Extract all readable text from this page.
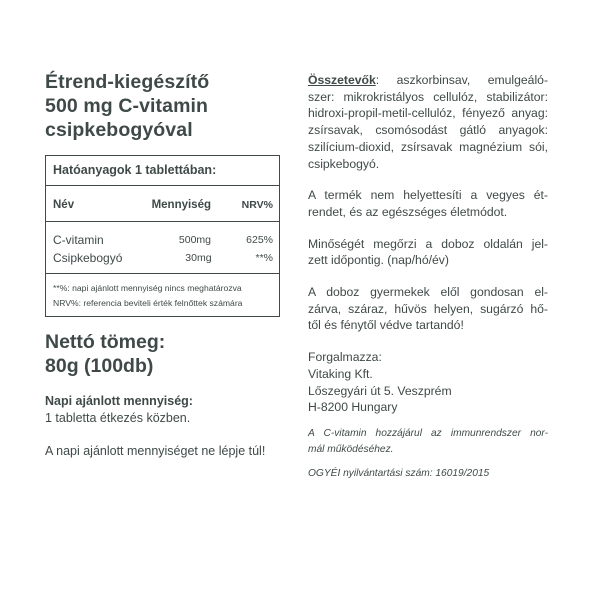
Étrend-kiegészítő
500 mg C-vitamin
csipkebogyóval
Hatóanyagok 1 tablettában:
Név	Mennyiség	NRV%
C-vitamin	500mg	625%
Csipkebogyó	30mg	**%
**%: napi ajánlott mennyiség nincs meghatározva
NRV%: referencia beviteli érték felnőttek számára
Nettó tömeg:
80g (100db)
Napi ajánlott mennyiség:
1 tabletta étkezés közben.
A napi ajánlott mennyiséget ne lépje túl!

Összetevők: aszkorbinsav, emulgeáló-
szer: mikrokristályos cellulóz, stabilizátor:
hidroxi-propil-metil-cellulóz, fényező anyag:
zsírsavak, csomósodást gátló anyagok:
szilícium-dioxid, zsírsavak magnézium sói,
csipkebogyó.

A termék nem helyettesíti a vegyes ét-
rendet, és az egészséges életmódot.

Minőségét megőrzi a doboz oldalán jel-
zett időpontig. (nap/hó/év)

A doboz gyermekek elől gondosan el-
zárva, száraz, hűvös helyen, sugárzó hő-
től és fénytől védve tartandó!

Forgalmazza:
Vitaking Kft.
Lőszegyári út 5. Veszprém
H-8200 Hungary

A C-vitamin hozzájárul az immunrendszer nor-
mál működéséhez.

OGYÉI nyilvántartási szám: 16019/2015
